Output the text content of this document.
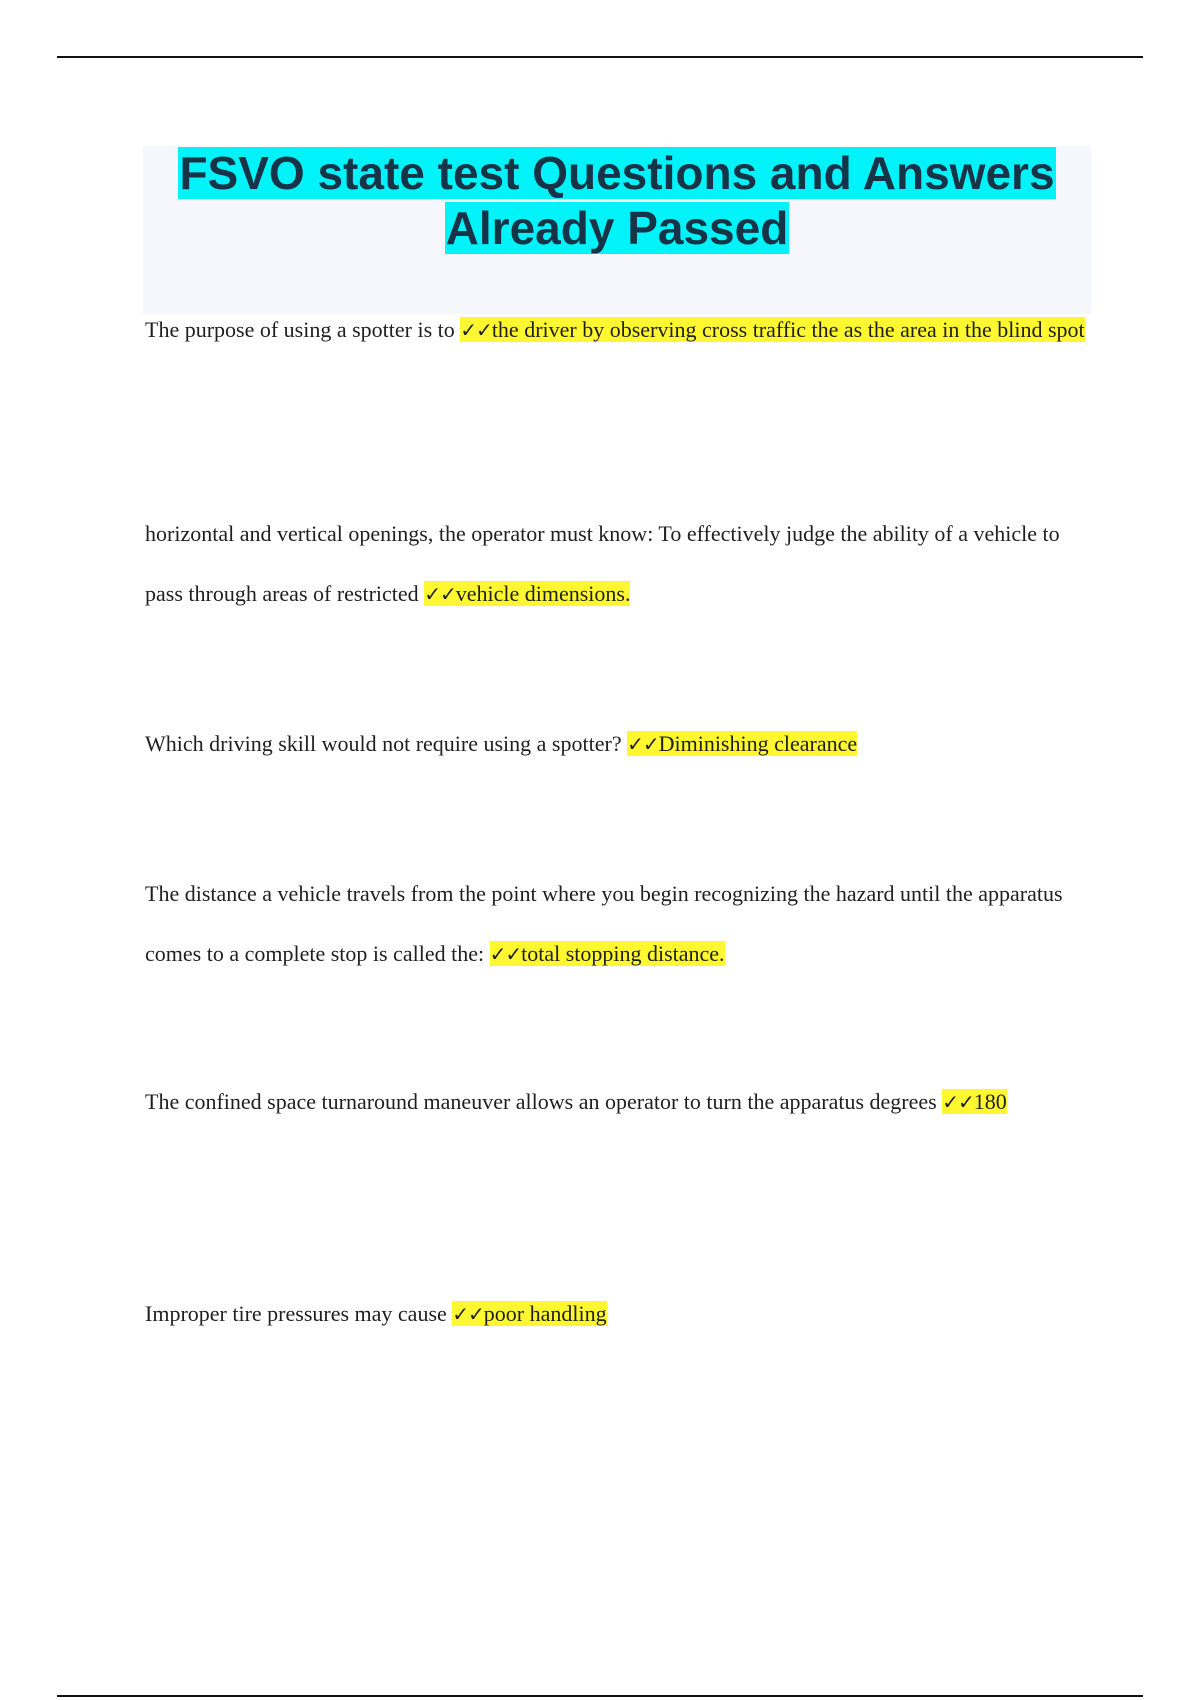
FSVO state test Questions and Answers
Already Passed

The purpose of using a spotter is to ✓✓the driver by observing cross traffic the as the area in the blind spot

horizontal and vertical openings, the operator must know: To effectively judge the ability of a vehicle to pass through areas of restricted ✓✓vehicle dimensions.

Which driving skill would not require using a spotter? ✓✓Diminishing clearance

The distance a vehicle travels from the point where you begin recognizing the hazard until the apparatus comes to a complete stop is called the: ✓✓total stopping distance.

The confined space turnaround maneuver allows an operator to turn the apparatus degrees ✓✓180

Improper tire pressures may cause ✓✓poor handling
